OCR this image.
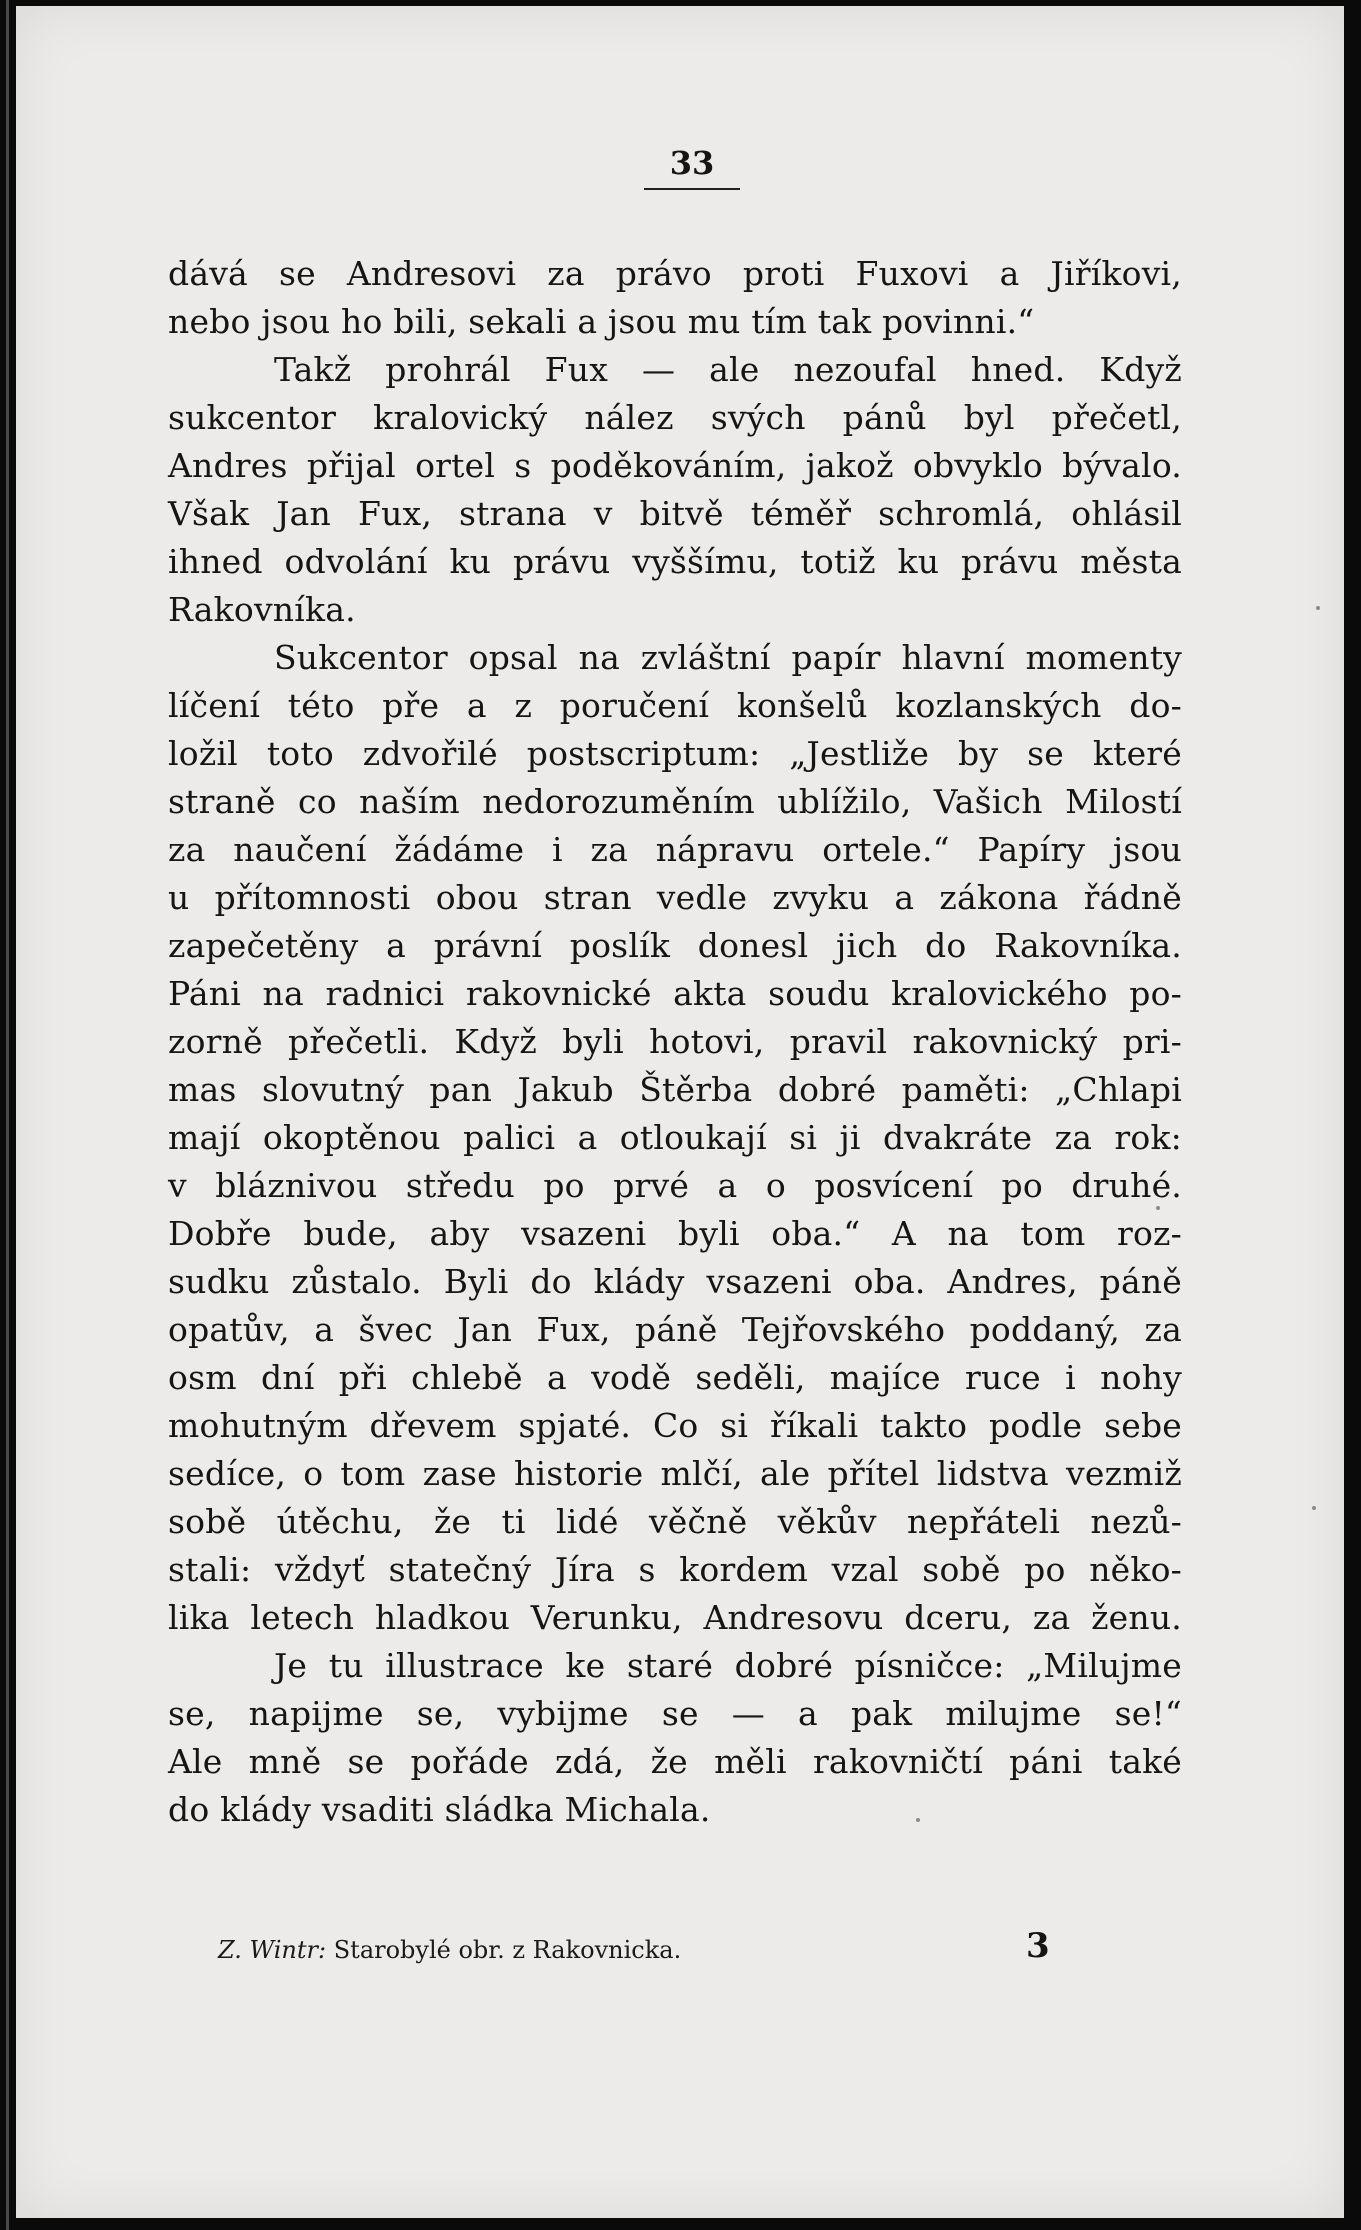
33
dává se Andresovi za právo proti Fuxovi a Jiříkovi,
nebo jsou ho bili, sekali a jsou mu tím tak povinni.“
Takž prohrál Fux — ale nezoufal hned. Když
sukcentor kralovický nález svých pánů byl přečetl,
Andres přijal ortel s poděkováním, jakož obvyklo bývalo.
Však Jan Fux, strana v bitvě téměř schromlá, ohlásil
ihned odvolání ku právu vyššímu, totiž ku právu města
Rakovníka.
Sukcentor opsal na zvláštní papír hlavní momenty
líčení této pře a z poručení konšelů kozlanských do-
ložil toto zdvořilé postscriptum: „Jestliže by se které
straně co naším nedorozuměním ublížilo, Vašich Milostí
za naučení žádáme i za nápravu ortele.“ Papíry jsou
u přítomnosti obou stran vedle zvyku a zákona řádně
zapečetěny a právní poslík donesl jich do Rakovníka.
Páni na radnici rakovnické akta soudu kralovického po-
zorně přečetli. Když byli hotovi, pravil rakovnický pri-
mas slovutný pan Jakub Štěrba dobré paměti: „Chlapi
mají okoptěnou palici a otloukají si ji dvakráte za rok:
v bláznivou středu po prvé a o posvícení po druhé.
Dobře bude, aby vsazeni byli oba.“ A na tom roz-
sudku zůstalo. Byli do klády vsazeni oba. Andres, páně
opatův, a švec Jan Fux, páně Tejřovského poddaný, za
osm dní při chlebě a vodě seděli, majíce ruce i nohy
mohutným dřevem spjaté. Co si říkali takto podle sebe
sedíce, o tom zase historie mlčí, ale přítel lidstva vezmiž
sobě útěchu, že ti lidé věčně věkův nepřáteli nezů-
stali: vždyť statečný Jíra s kordem vzal sobě po něko-
lika letech hladkou Verunku, Andresovu dceru, za ženu.
Je tu illustrace ke staré dobré písničce: „Milujme
se, napijme se, vybijme se — a pak milujme se!“
Ale mně se pořáde zdá, že měli rakovničtí páni také
do klády vsaditi sládka Michala.
Z. Wintr: Starobylé obr. z Rakovnicka.	3
